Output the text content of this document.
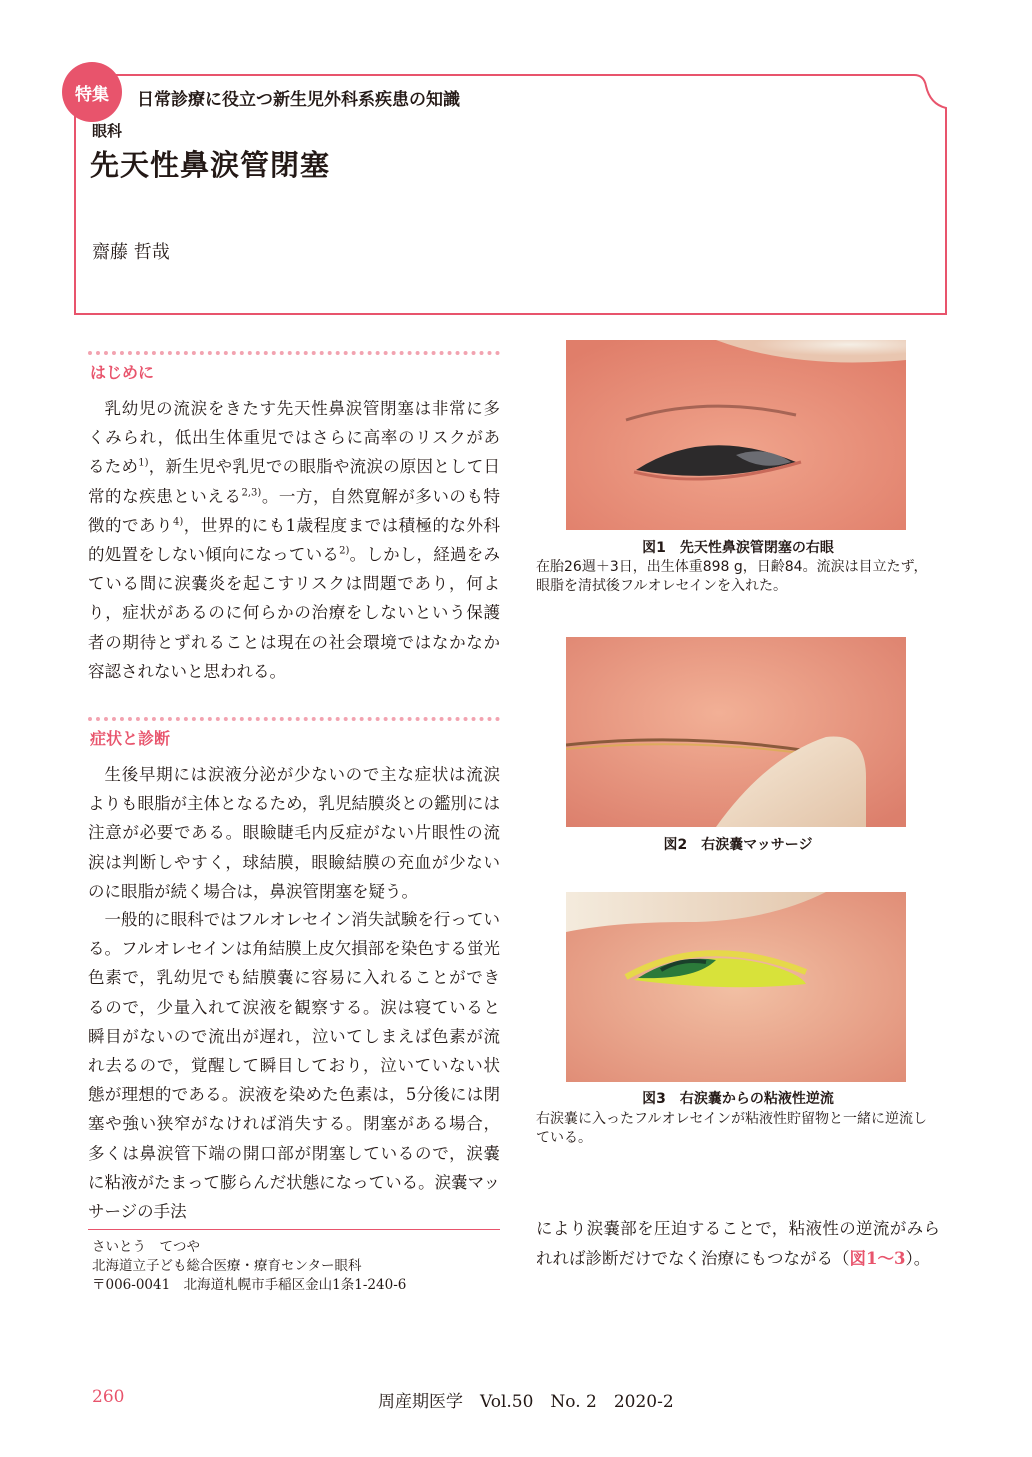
特集	日常診療に役立つ新生児外科系疾患の知識
眼科
先天性鼻涙管閉塞
齋藤 哲哉
はじめに

乳幼児の流涙をきたす先天性鼻涙管閉塞は非常に多くみられ，低出生体重児ではさらに高率のリスクがあるため$^{1)}$，新生児や乳児での眼脂や流涙の原因として日常的な疾患といえる$^{2,3)}$。一方，自然寛解が多いのも特徴的であり$^{4)}$，世界的にも1歳程度までは積極的な外科的処置をしない傾向になっている$^{2)}$。しかし，経過をみている間に涙嚢炎を起こすリスクは問題であり，何より，症状があるのに何らかの治療をしないという保護者の期待とずれることは現在の社会環境ではなかなか容認されないと思われる。

症状と診断

生後早期には涙液分泌が少ないので主な症状は流涙よりも眼脂が主体となるため，乳児結膜炎との鑑別には注意が必要である。眼瞼睫毛内反症がない片眼性の流涙は判断しやすく，球結膜，眼瞼結膜の充血が少ないのに眼脂が続く場合は，鼻涙管閉塞を疑う。

一般的に眼科ではフルオレセイン消失試験を行っている。フルオレセインは角結膜上皮欠損部を染色する蛍光色素で，乳幼児でも結膜嚢に容易に入れることができるので，少量入れて涙液を観察する。涙は寝ていると瞬目がないので流出が遅れ，泣いてしまえば色素が流れ去るので，覚醒して瞬目しており，泣いていない状態が理想的である。涙液を染めた色素は，5分後には閉塞や強い狭窄がなければ消失する。閉塞がある場合，多くは鼻涙管下端の開口部が閉塞しているので，涙嚢に粘液がたまって膨らんだ状態になっている。涙嚢マッサージの手法

さいとう　てつや
北海道立子ども総合医療・療育センター眼科
〒006-0041　北海道札幌市手稲区金山1条1-240-6
図1　先天性鼻涙管閉塞の右眼
在胎26週＋3日，出生体重898 g，日齢84。流涙は目立たず，眼脂を清拭後フルオレセインを入れた。
図2　右涙嚢マッサージ
図3　右涙嚢からの粘液性逆流
右涙嚢に入ったフルオレセインが粘液性貯留物と一緒に逆流している。

により涙嚢部を圧迫することで，粘液性の逆流がみられれば診断だけでなく治療にもつながる（図1～3）。

260	周産期医学　Vol.50　No. 2　2020-2
